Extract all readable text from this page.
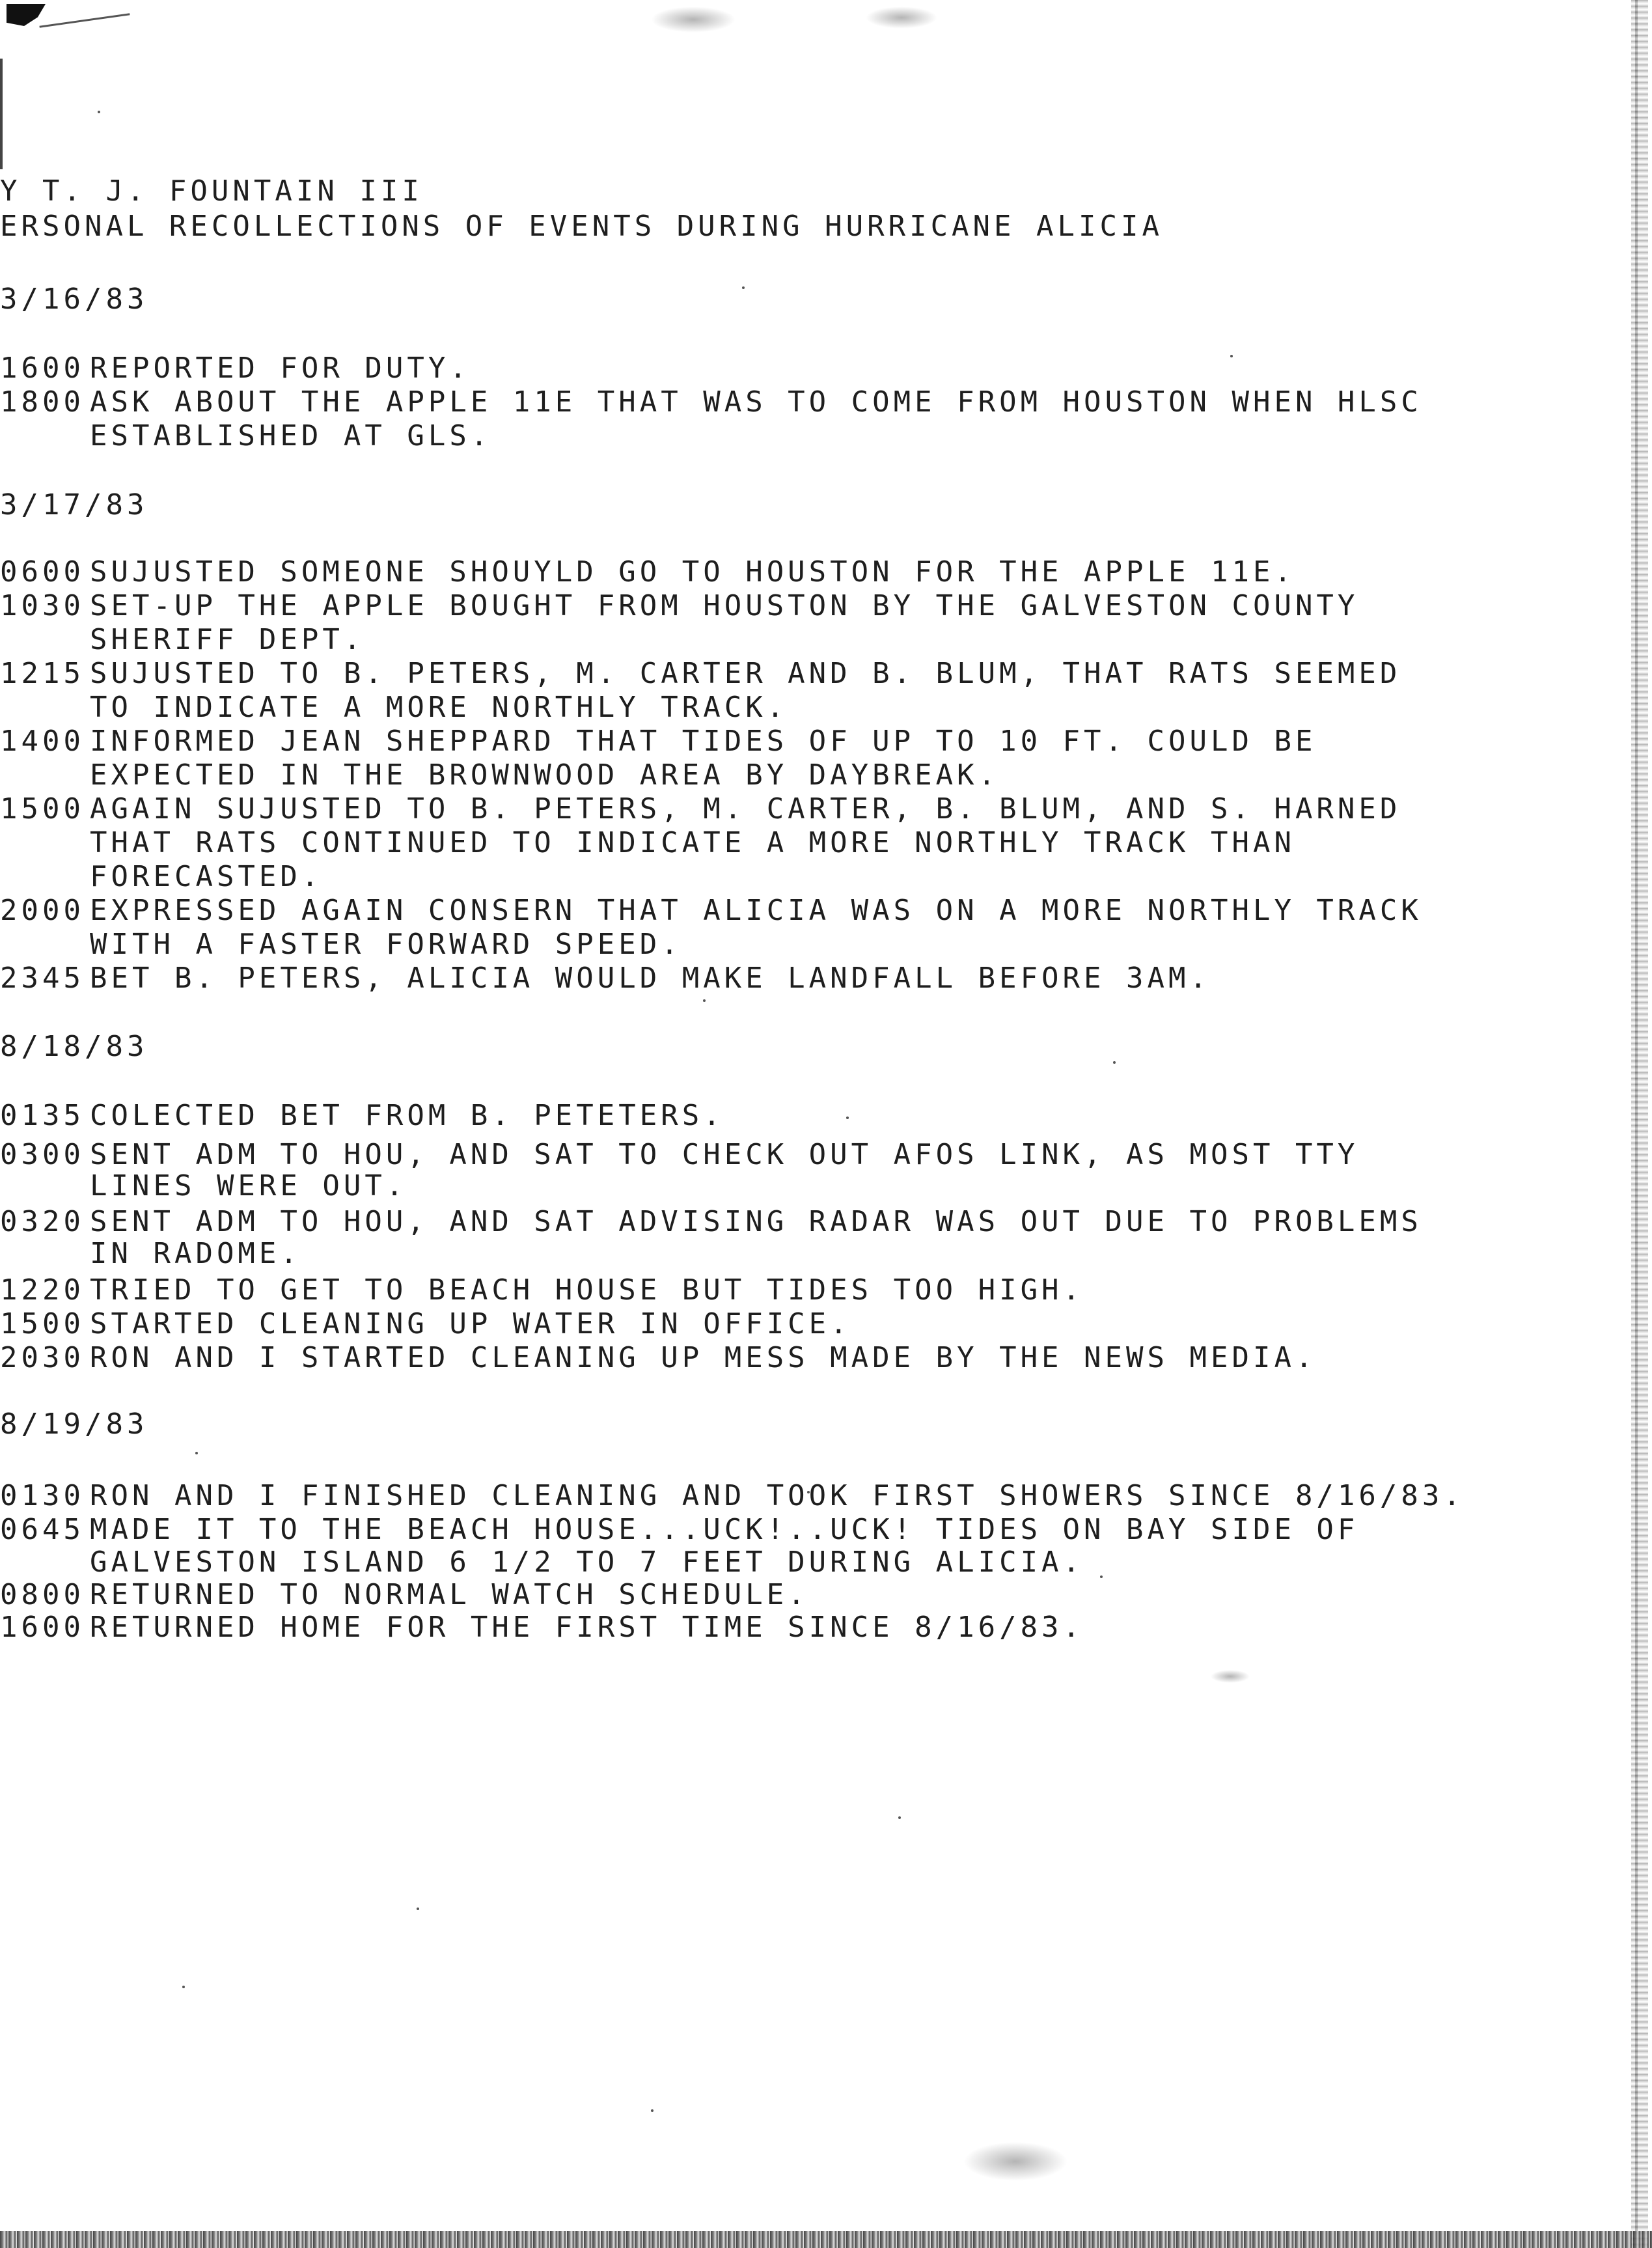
Y T. J. FOUNTAIN III
ERSONAL RECOLLECTIONS OF EVENTS DURING HURRICANE ALICIA
3/16/83
1600 REPORTED FOR DUTY.
1800 ASK ABOUT THE APPLE 11E THAT WAS TO COME FROM HOUSTON WHEN HLSC
ESTABLISHED AT GLS.
3/17/83
0600 SUJUSTED SOMEONE SHOUYLD GO TO HOUSTON FOR THE APPLE 11E.
1030 SET-UP THE APPLE BOUGHT FROM HOUSTON BY THE GALVESTON COUNTY
SHERIFF DEPT.
1215 SUJUSTED TO B. PETERS, M. CARTER AND B. BLUM, THAT RATS SEEMED
TO INDICATE A MORE NORTHLY TRACK.
1400 INFORMED JEAN SHEPPARD THAT TIDES OF UP TO 10 FT. COULD BE
EXPECTED IN THE BROWNWOOD AREA BY DAYBREAK.
1500 AGAIN SUJUSTED TO B. PETERS, M. CARTER, B. BLUM, AND S. HARNED
THAT RATS CONTINUED TO INDICATE A MORE NORTHLY TRACK THAN
FORECASTED.
2000 EXPRESSED AGAIN CONSERN THAT ALICIA WAS ON A MORE NORTHLY TRACK
WITH A FASTER FORWARD SPEED.
2345 BET B. PETERS, ALICIA WOULD MAKE LANDFALL BEFORE 3AM.
8/18/83
0135 COLECTED BET FROM B. PETETERS.
0300 SENT ADM TO HOU, AND SAT TO CHECK OUT AFOS LINK, AS MOST TTY
LINES WERE OUT.
0320 SENT ADM TO HOU, AND SAT ADVISING RADAR WAS OUT DUE TO PROBLEMS
IN RADOME.
1220 TRIED TO GET TO BEACH HOUSE BUT TIDES TOO HIGH.
1500 STARTED CLEANING UP WATER IN OFFICE.
2030 RON AND I STARTED CLEANING UP MESS MADE BY THE NEWS MEDIA.
8/19/83
0130 RON AND I FINISHED CLEANING AND TOOK FIRST SHOWERS SINCE 8/16/83.
0645 MADE IT TO THE BEACH HOUSE...UCK!..UCK! TIDES ON BAY SIDE OF
GALVESTON ISLAND 6 1/2 TO 7 FEET DURING ALICIA.
0800 RETURNED TO NORMAL WATCH SCHEDULE.
1600 RETURNED HOME FOR THE FIRST TIME SINCE 8/16/83.
